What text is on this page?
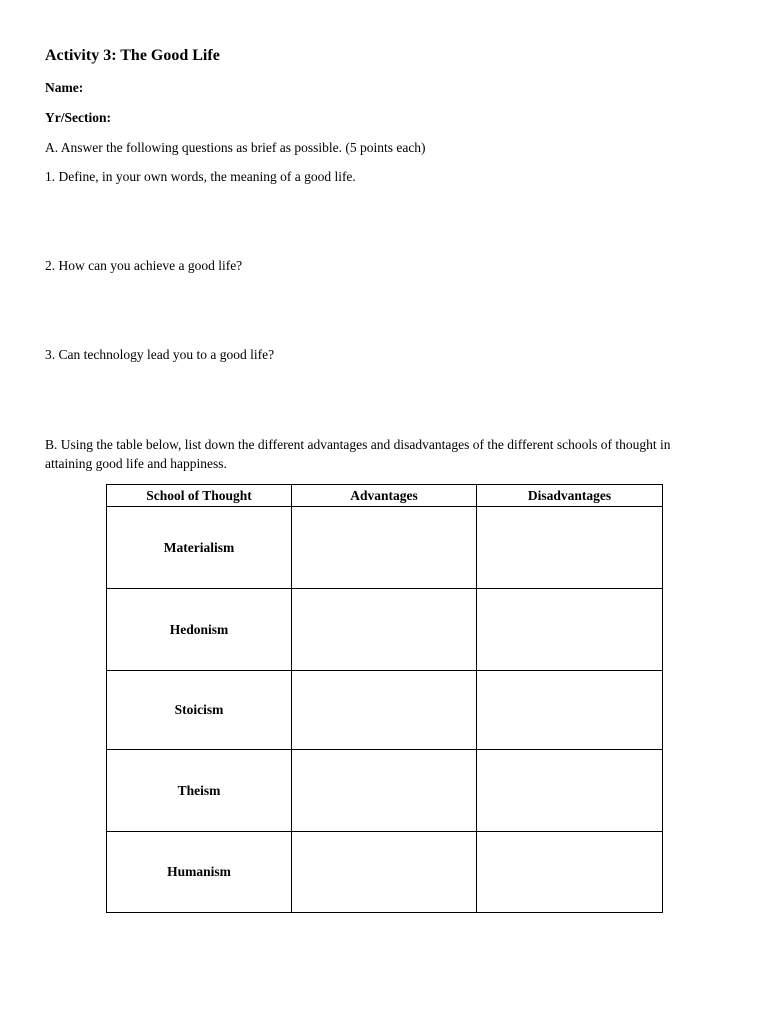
Activity 3: The Good Life
Name:
Yr/Section:
A. Answer the following questions as brief as possible. (5 points each)
1. Define, in your own words, the meaning of a good life.
2. How can you achieve a good life?
3. Can technology lead you to a good life?
B. Using the table below, list down the different advantages and disadvantages of the different schools of thought in attaining good life and happiness.
School of Thought	Advantages	Disadvantages
Materialism		
Hedonism		
Stoicism		
Theism		
Humanism		
